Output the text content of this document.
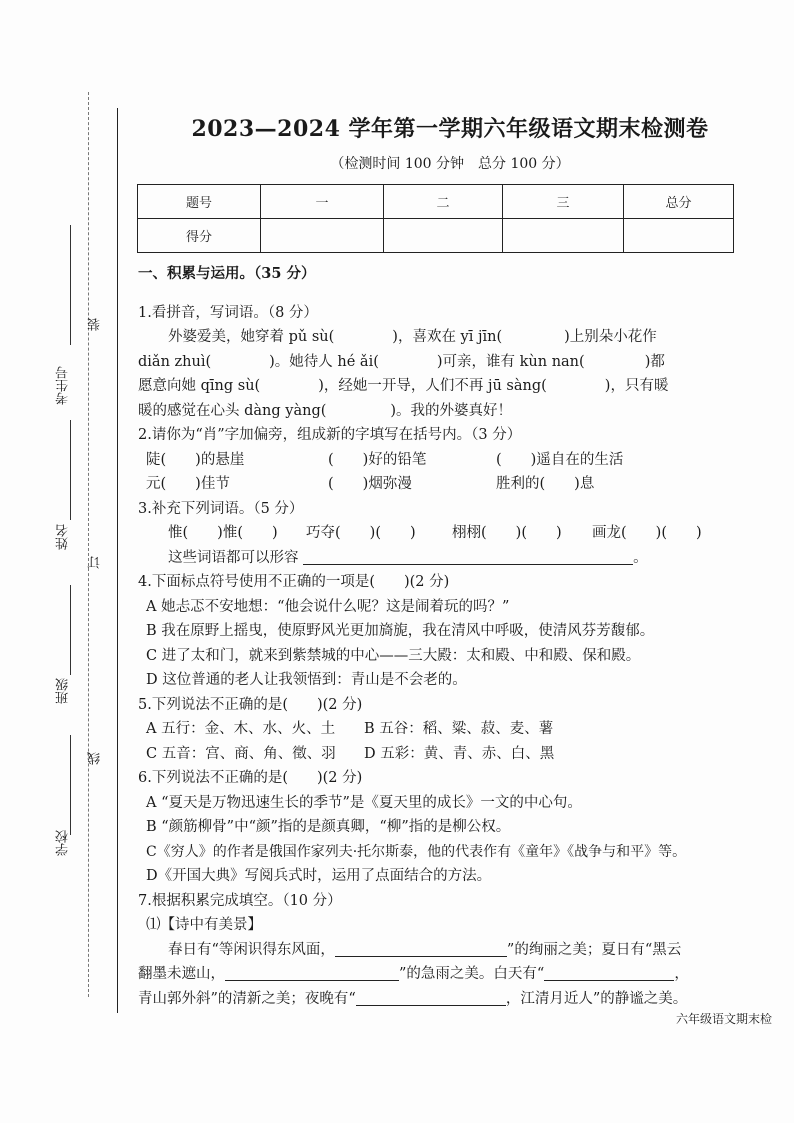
考生号
姓名
班级
学校
装
订
线
2023—2024 学年第一学期六年级语文期末检测卷
（检测时间 100 分钟　总分 100 分）
题号	一	二	三	总分
得分				
一、积累与运用。（35 分）
1.看拼音，写词语。（8 分）
外婆爱美，她穿着 pǔ sù(	)，喜欢在 yī jīn(	)上别朵小花作
diǎn zhuì(	)。她待人 hé ǎi(	)可亲，谁有 kùn nan(	)都
愿意向她 qīng sù(	)，经她一开导，人们不再 jū sàng(	)，只有暖
暖的感觉在心头 dàng yàng(	)。我的外婆真好！
2.请你为“肖”字加偏旁，组成新的字填写在括号内。（3 分）
陡(　　)的悬崖	(　　)好的铅笔	(　　)遥自在的生活
元(　　)佳节	(　　)烟弥漫	胜利的(　　)息
3.补充下列词语。（5 分）
惟(　　)惟(　　) 巧夺(　　)(　　)	栩栩(　　)(　　) 画龙(　　)(　　)
这些词语都可以形容	。
4.下面标点符号使用不正确的一项是(　　)(2 分)
A 她忐忑不安地想：“他会说什么呢？这是闹着玩的吗？”
B 我在原野上摇曳，使原野风光更加旖旎，我在清风中呼吸，使清风芬芳馥郁。
C 进了太和门，就来到紫禁城的中心——三大殿：太和殿、中和殿、保和殿。
D 这位普通的老人让我领悟到：青山是不会老的。
5.下列说法不正确的是(　　)(2 分)
A 五行：金、木、水、火、土 B 五谷：稻、粱、菽、麦、薯
C 五音：宫、商、角、徵、羽 D 五彩：黄、青、赤、白、黑
6.下列说法不正确的是(　　)(2 分)
A “夏天是万物迅速生长的季节”是《夏天里的成长》一文的中心句。
B “颜筋柳骨”中“颜”指的是颜真卿，“柳”指的是柳公权。
C《穷人》的作者是俄国作家列夫·托尔斯泰，他的代表作有《童年》《战争与和平》等。
D《开国大典》写阅兵式时，运用了点面结合的方法。
7.根据积累完成填空。（10 分）
⑴【诗中有美景】
春日有“等闲识得东风面，	”的绚丽之美；夏日有“黑云
翻墨未遮山，	”的急雨之美。白天有“	，
青山郭外斜”的清新之美；夜晚有“	，江清月近人”的静谧之美。
六年级语文期末检
